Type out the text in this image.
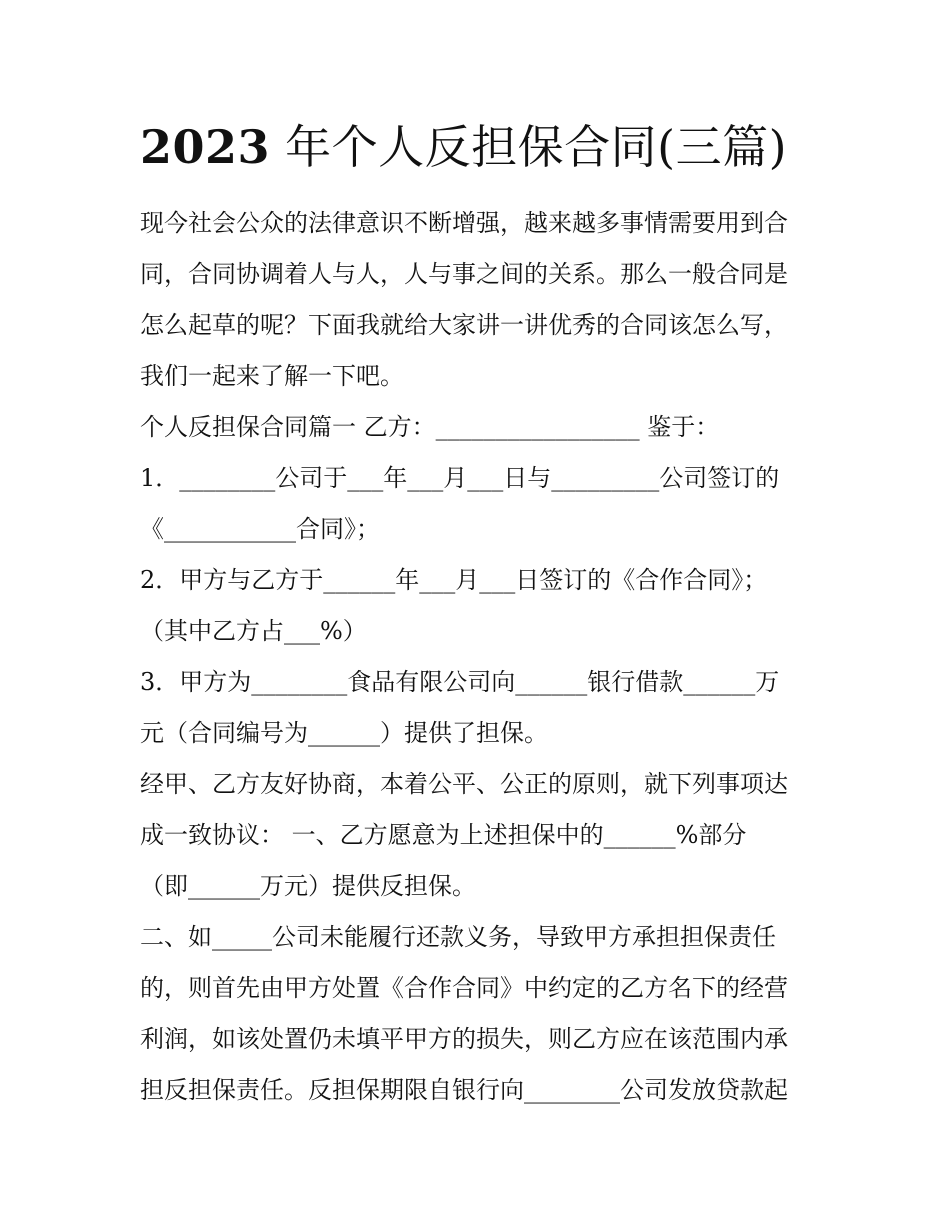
2023 年个人反担保合同(三篇)

现今社会公众的法律意识不断增强，越来越多事情需要用到合

同，合同协调着人与人，人与事之间的关系。那么一般合同是

怎么起草的呢？下面我就给大家讲一讲优秀的合同该怎么写，

我们一起来了解一下吧。

个人反担保合同篇一 乙方：_________________ 鉴于：

1．________公司于___年___月___日与_________公司签订的

《___________合同》；

2．甲方与乙方于______年___月___日签订的《合作合同》；

（其中乙方占___%）

3．甲方为________食品有限公司向______银行借款______万

元（合同编号为______）提供了担保。

经甲、乙方友好协商，本着公平、公正的原则，就下列事项达

成一致协议： 一、乙方愿意为上述担保中的______%部分

（即______万元）提供反担保。

二、如_____公司未能履行还款义务，导致甲方承担担保责任

的，则首先由甲方处置《合作合同》中约定的乙方名下的经营

利润，如该处置仍未填平甲方的损失，则乙方应在该范围内承

担反担保责任。反担保期限自银行向________公司发放贷款起
